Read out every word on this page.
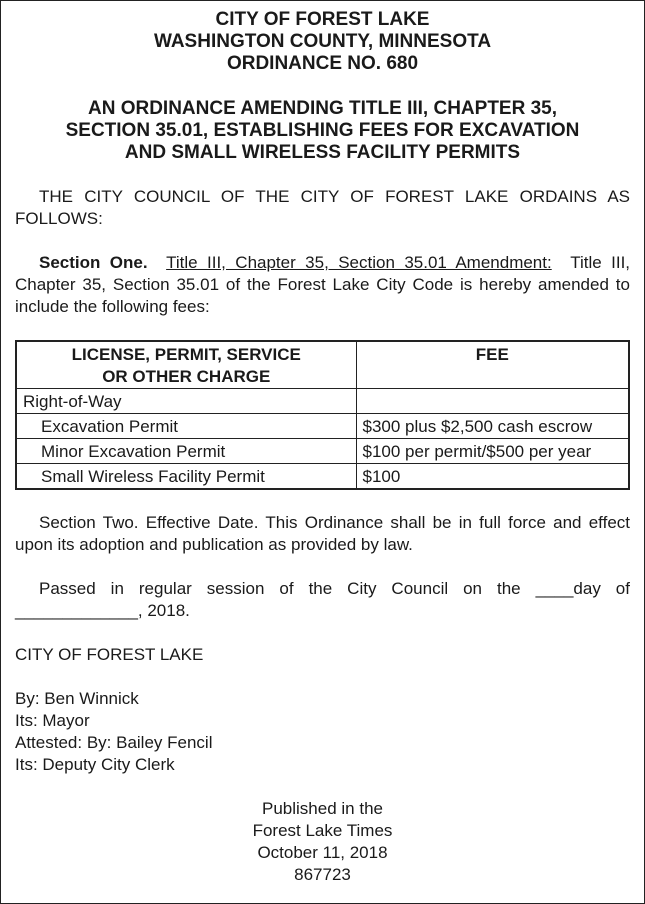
CITY OF FOREST LAKE
WASHINGTON COUNTY, MINNESOTA
ORDINANCE NO. 680
AN ORDINANCE AMENDING TITLE III, CHAPTER 35,
SECTION 35.01, ESTABLISHING FEES FOR EXCAVATION
AND SMALL WIRELESS FACILITY PERMITS

THE CITY COUNCIL OF THE CITY OF FOREST LAKE ORDAINS AS FOLLOWS:

Section One. Title III, Chapter 35, Section 35.01 Amendment: Title III, Chapter 35, Section 35.01 of the Forest Lake City Code is hereby amended to include the following fees:

LICENSE, PERMIT, SERVICE
OR OTHER CHARGE	FEE
Right-of-Way	
Excavation Permit	$300 plus $2,500 cash escrow
Minor Excavation Permit	$100 per permit/$500 per year
Small Wireless Facility Permit	$100

Section Two. Effective Date. This Ordinance shall be in full force and effect upon its adoption and publication as provided by law.

Passed in regular session of the City Council on the ____day of _____________, 2018.

CITY OF FOREST LAKE

By: Ben Winnick
Its: Mayor
Attested: By: Bailey Fencil
Its: Deputy City Clerk
Published in the
Forest Lake Times
October 11, 2018
867723
